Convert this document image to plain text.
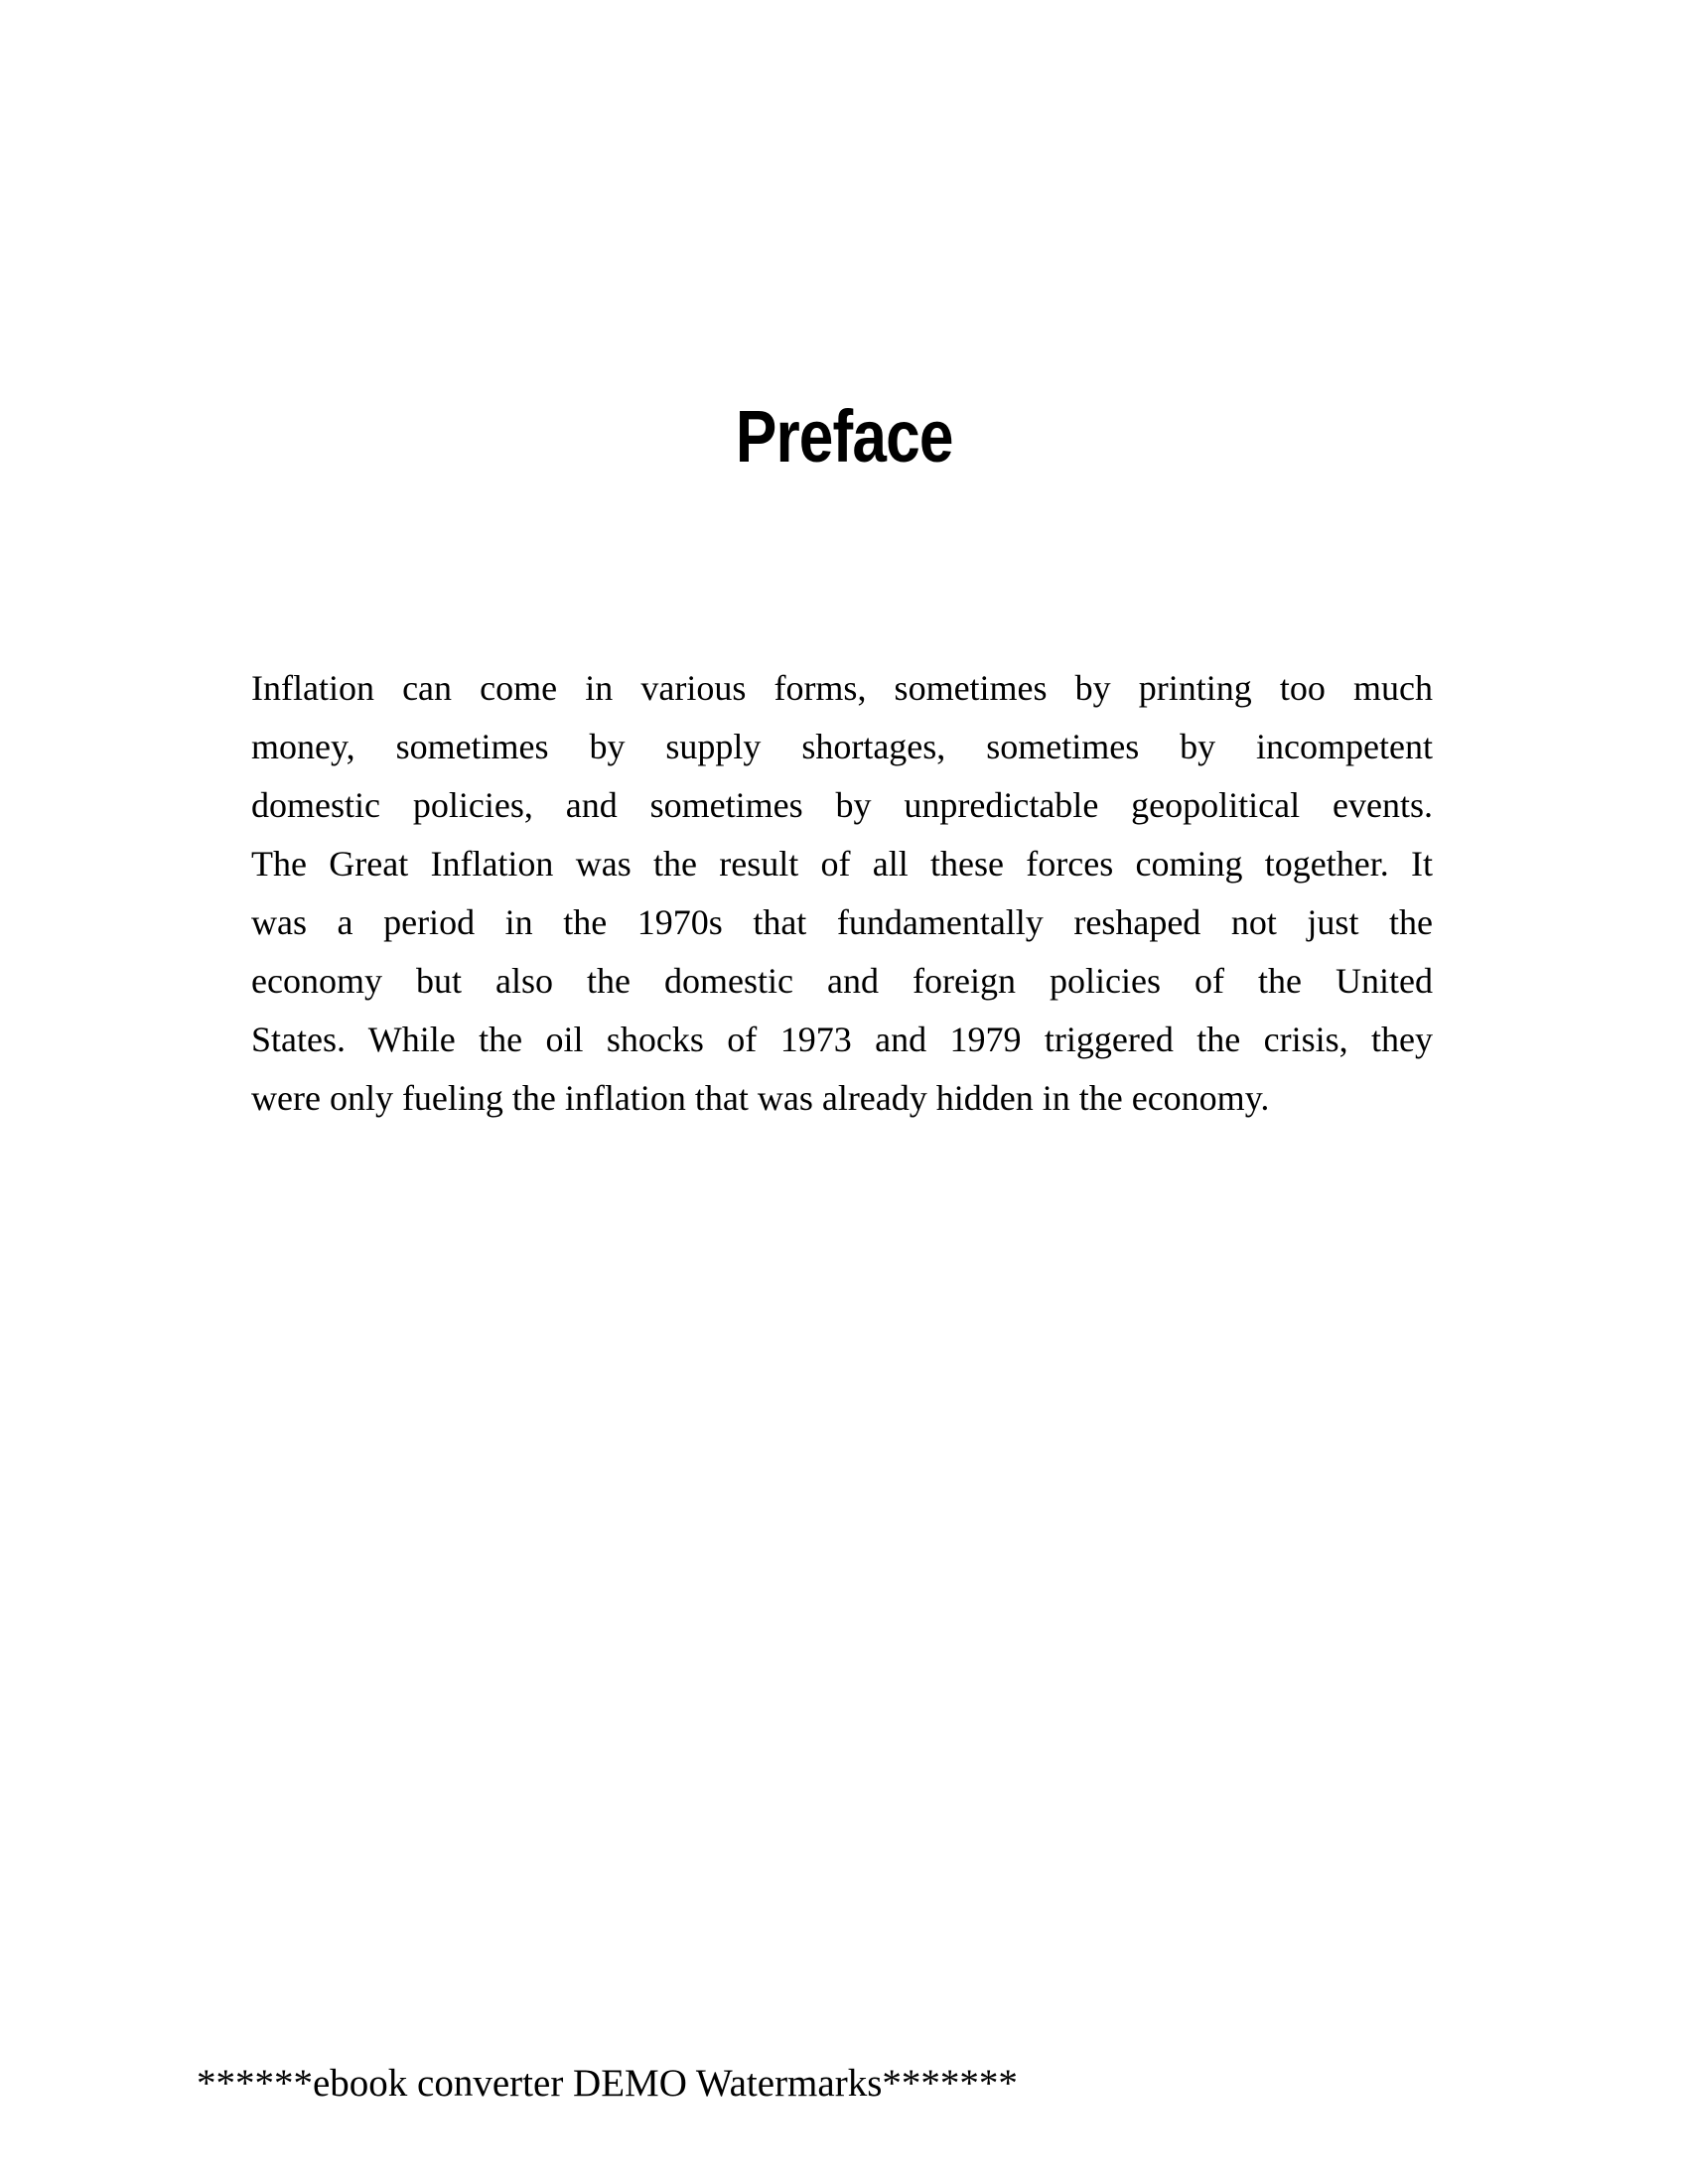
Preface
Inflation can come in various forms, sometimes by printing too much
money, sometimes by supply shortages, sometimes by incompetent
domestic policies, and sometimes by unpredictable geopolitical events.
The Great Inflation was the result of all these forces coming together. It
was a period in the 1970s that fundamentally reshaped not just the
economy but also the domestic and foreign policies of the United
States. While the oil shocks of 1973 and 1979 triggered the crisis, they
were only fueling the inflation that was already hidden in the economy.
******ebook converter DEMO Watermarks*******
